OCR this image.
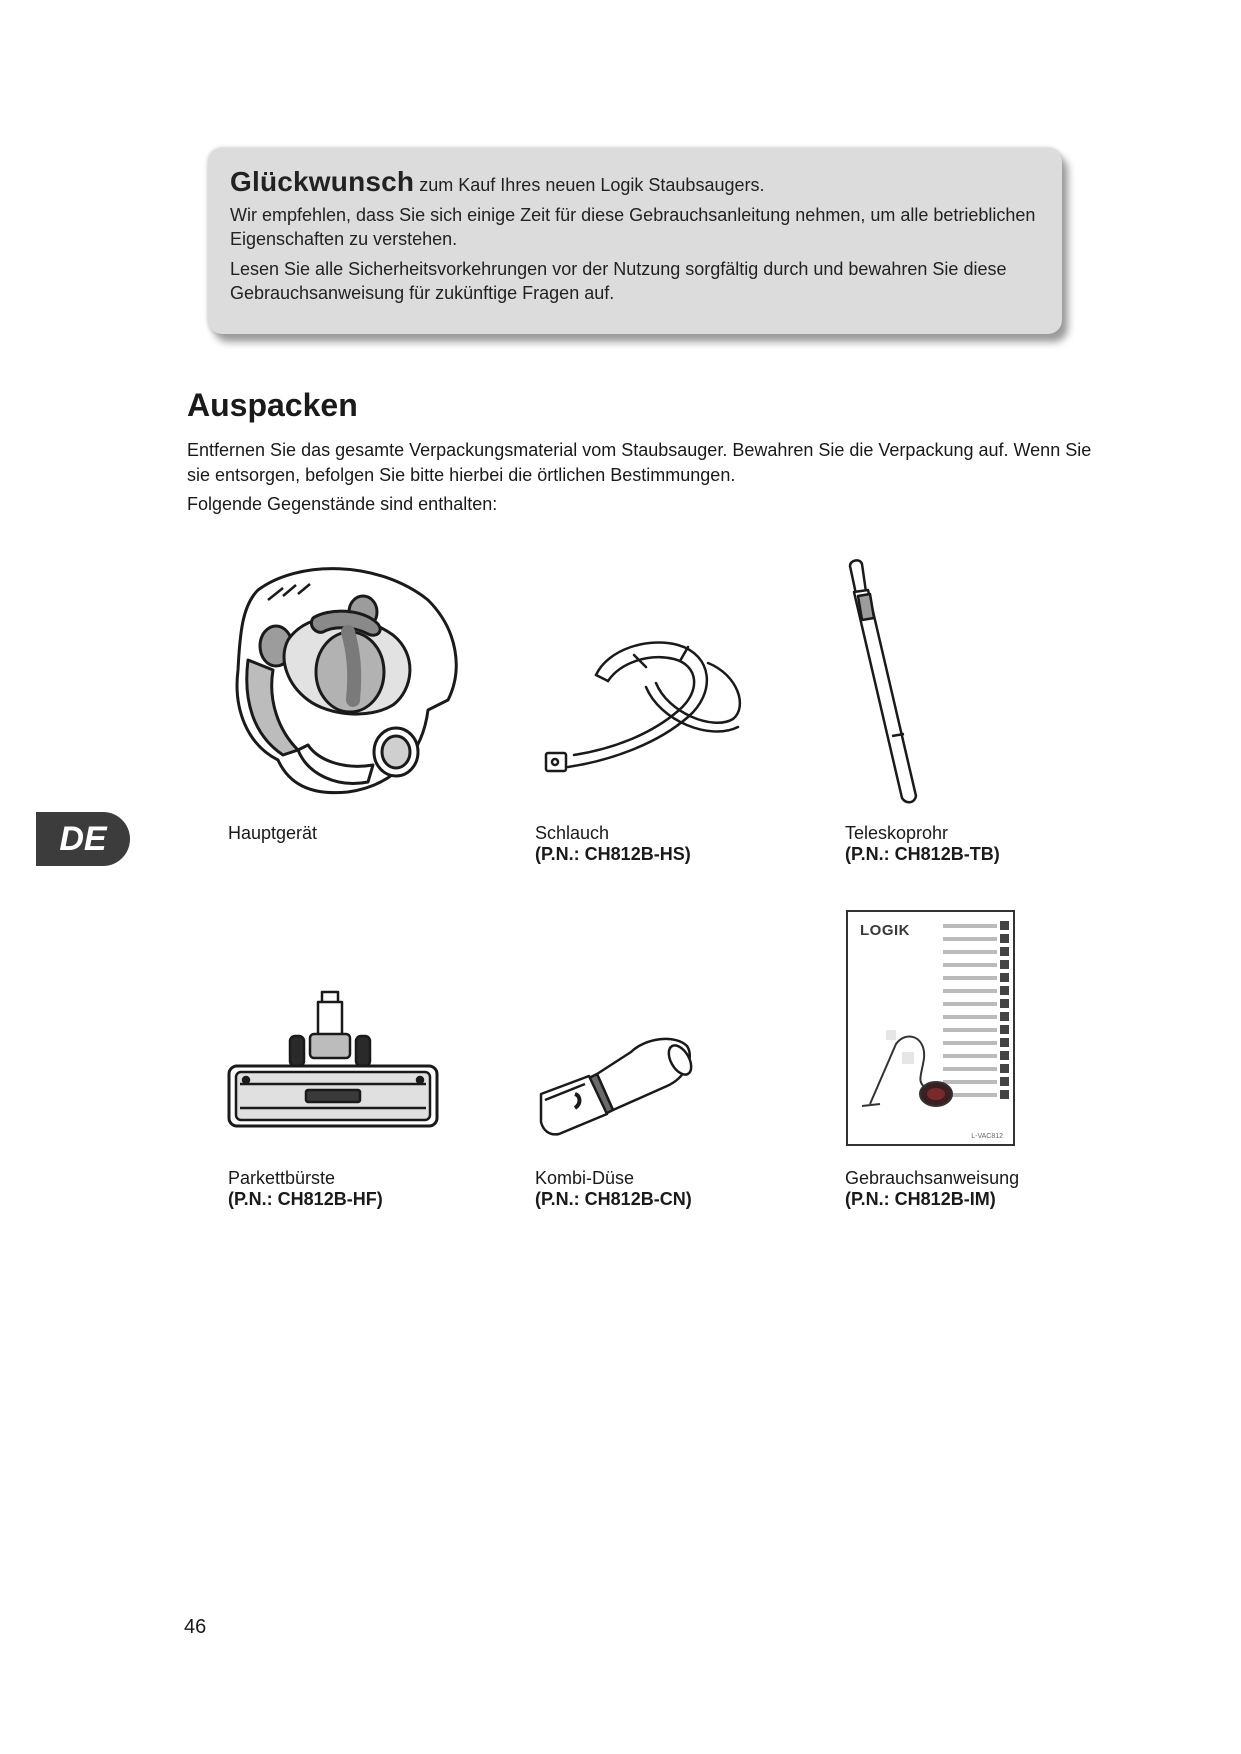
Glückwunsch zum Kauf Ihres neuen Logik Staubsaugers.
Wir empfehlen, dass Sie sich einige Zeit für diese Gebrauchsanleitung nehmen, um alle betrieblichen Eigenschaften zu verstehen.
Lesen Sie alle Sicherheitsvorkehrungen vor der Nutzung sorgfältig durch und bewahren Sie diese Gebrauchsanweisung für zukünftige Fragen auf.
Auspacken

Entfernen Sie das gesamte Verpackungsmaterial vom Staubsauger. Bewahren Sie die Verpackung auf. Wenn Sie sie entsorgen, befolgen Sie bitte hierbei die örtlichen Bestimmungen.

Folgende Gegenstände sind enthalten:

Hauptgerät	Schlauch
(P.N.: CH812B-HS)
Teleskoprohr
(P.N.: CH812B-TB)
Parkettbürste
(P.N.: CH812B-HF)
Kombi-Düse
(P.N.: CH812B-CN)
LOGIK
L-VAC812
Gebrauchsanweisung
(P.N.: CH812B-IM)
DE
46
